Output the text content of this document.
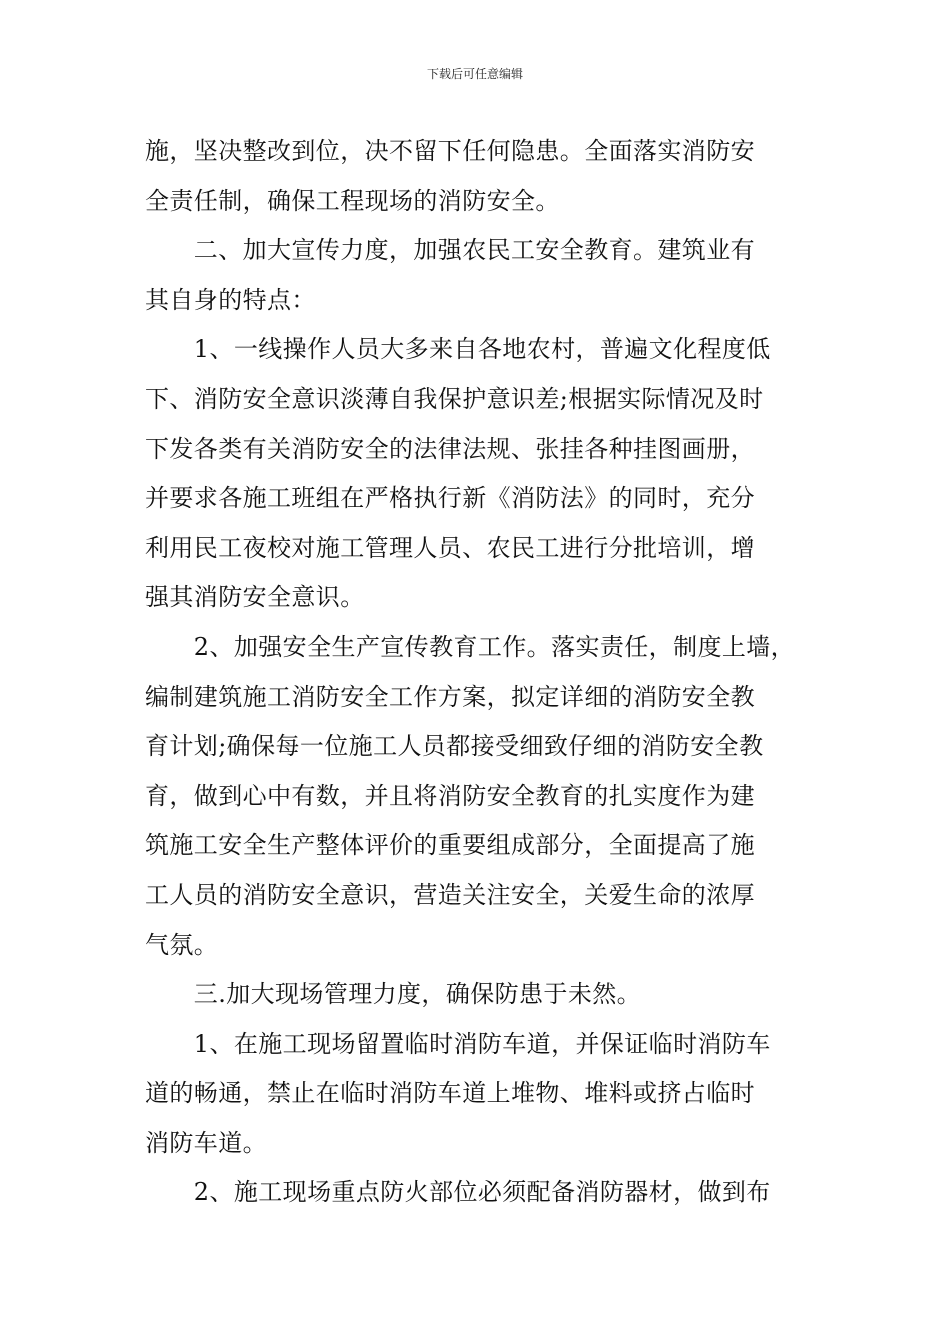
下载后可任意编辑
施，坚决整改到位，决不留下任何隐患。全面落实消防安
全责任制，确保工程现场的消防安全。
　　二、加大宣传力度，加强农民工安全教育。建筑业有
其自身的特点：
　　1、一线操作人员大多来自各地农村，普遍文化程度低
下、消防安全意识淡薄自我保护意识差;根据实际情况及时
下发各类有关消防安全的法律法规、张挂各种挂图画册，
并要求各施工班组在严格执行新《消防法》的同时，充分
利用民工夜校对施工管理人员、农民工进行分批培训，增
强其消防安全意识。
　　2、加强安全生产宣传教育工作。落实责任，制度上墙，
编制建筑施工消防安全工作方案，拟定详细的消防安全教
育计划;确保每一位施工人员都接受细致仔细的消防安全教
育，做到心中有数，并且将消防安全教育的扎实度作为建
筑施工安全生产整体评价的重要组成部分，全面提高了施
工人员的消防安全意识，营造关注安全，关爱生命的浓厚
气氛。
　　三.加大现场管理力度，确保防患于未然。
　　1、在施工现场留置临时消防车道，并保证临时消防车
道的畅通，禁止在临时消防车道上堆物、堆料或挤占临时
消防车道。
　　2、施工现场重点防火部位必须配备消防器材，做到布
